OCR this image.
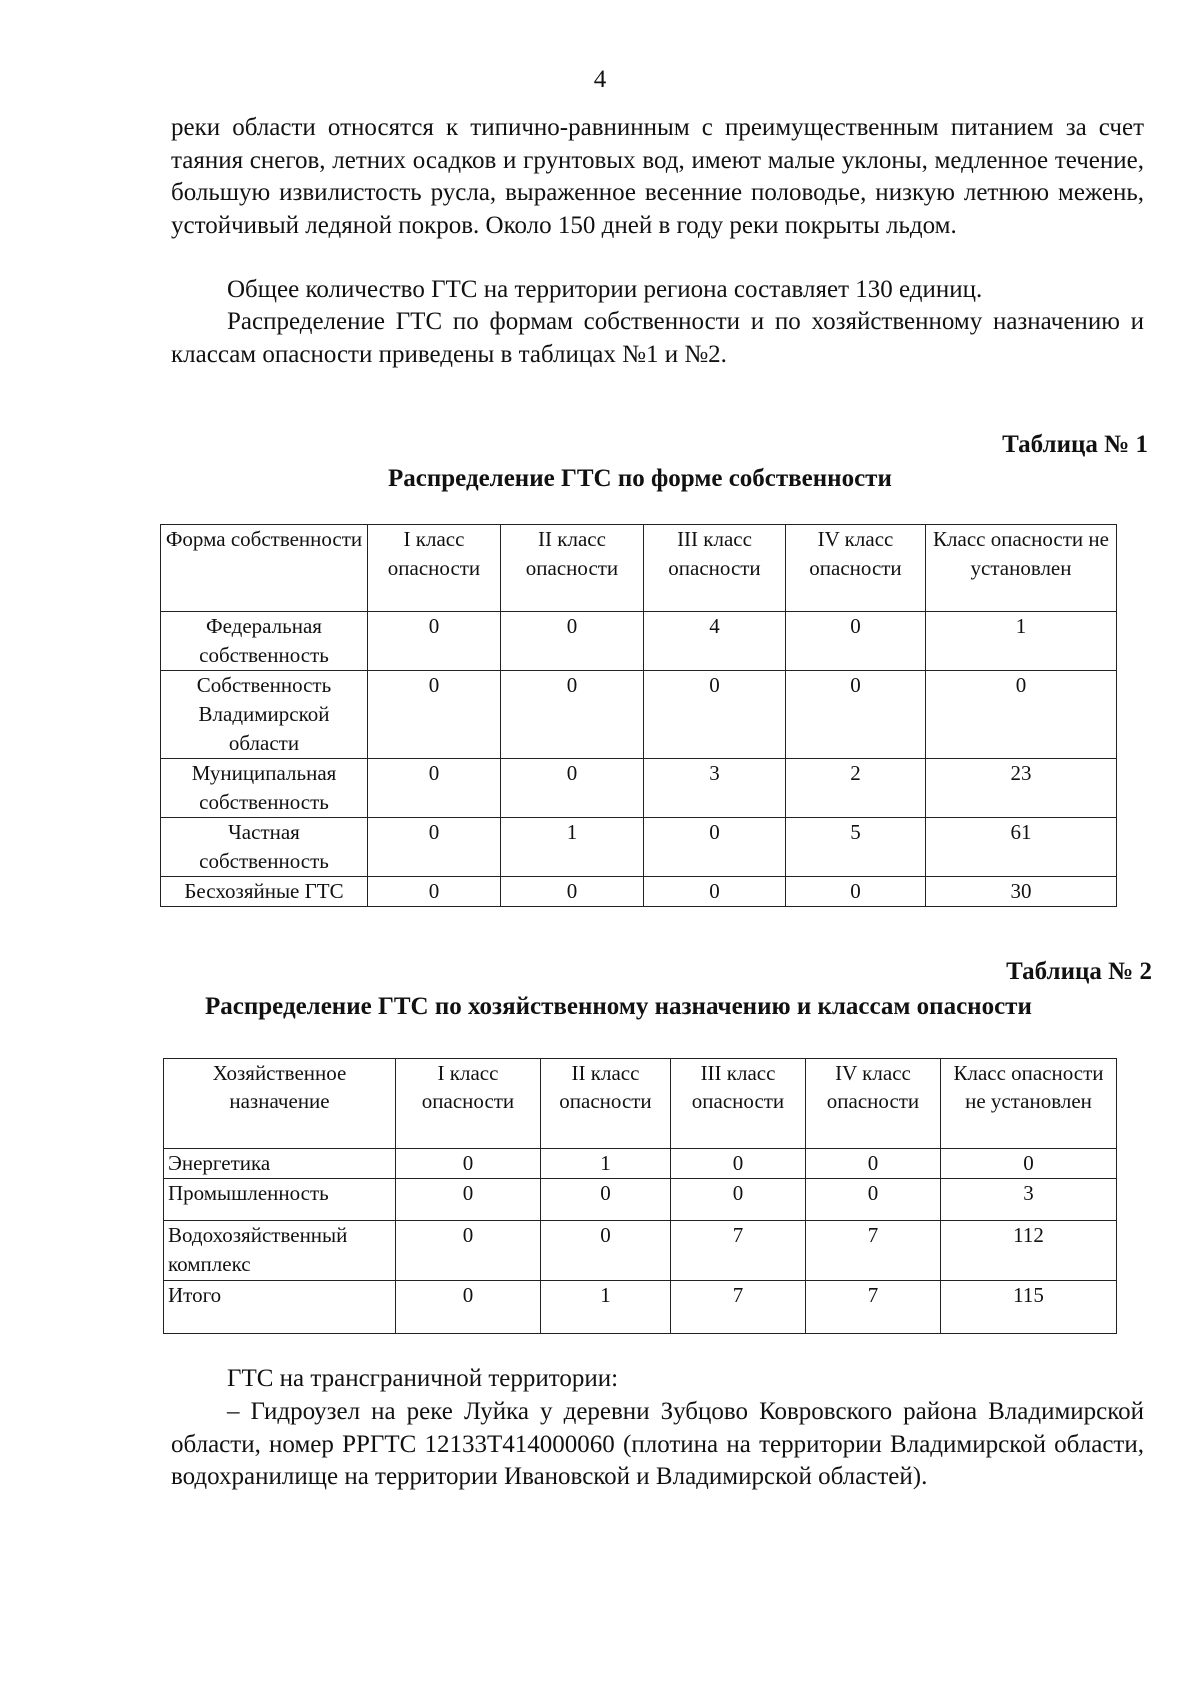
4

реки области относятся к типично-равнинным с преимущественным питанием за счет таяния снегов, летних осадков и грунтовых вод, имеют малые уклоны, медленное течение, большую извилистость русла, выраженное весенние половодье, низкую летнюю межень, устойчивый ледяной покров. Около 150 дней в году реки покрыты льдом.

Общее количество ГТС на территории региона составляет 130 единиц.

Распределение ГТС по формам собственности и по хозяйственному назначению и классам опасности приведены в таблицах №1 и №2.

Таблица № 1
Распределение ГТС по форме собственности
Форма собственности	I класс опасности	II класс опасности	III класс опасности	IV класс опасности	Класс опасности не установлен
Федеральная собственность	0	0	4	0	1
Собственность Владимирской области	0	0	0	0	0
Муниципальная собственность	0	0	3	2	23
Частная собственность	0	1	0	5	61
Бесхозяйные ГТС	0	0	0	0	30
Таблица № 2
Распределение ГТС по хозяйственному назначению и классам опасности
Хозяйственное назначение	I класс опасности	II класс опасности	III класс опасности	IV класс опасности	Класс опасности не установлен
Энергетика	0	1	0	0	0
Промышленность	0	0	0	0	3
Водохозяйственный комплекс	0	0	7	7	112
Итого	0	1	7	7	115

ГТС на трансграничной территории:

– Гидроузел на реке Луйка у деревни Зубцово Ковровского района Владимирской области, номер РРГТС 12133Т414000060 (плотина на территории Владимирской области, водохранилище на территории Ивановской и Владимирской областей).
